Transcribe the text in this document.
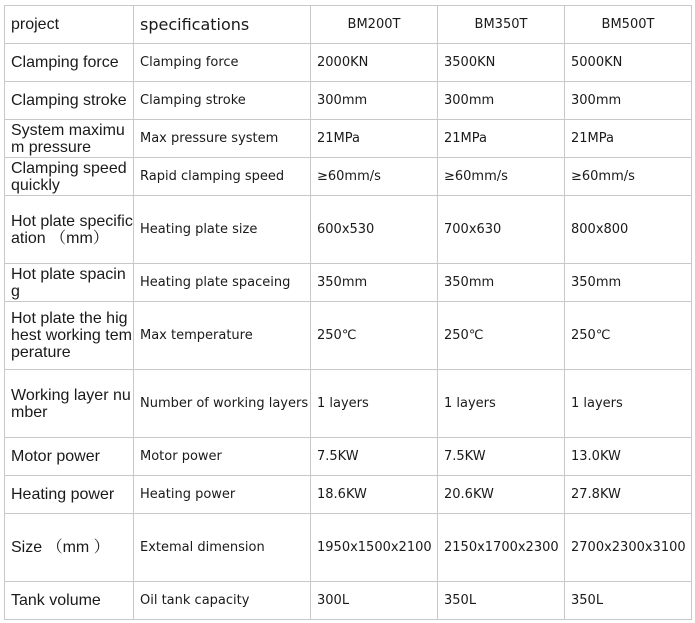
project	specifications	BM200T	BM350T	BM500T
Clamping force	Clamping force	2000KN	3500KN	5000KN
Clamping stroke	Clamping stroke	300mm	300mm	300mm
System maximum pressure	Max pressure system	21MPa	21MPa	21MPa
Clamping speed quickly	Rapid clamping speed	≥60mm/s	≥60mm/s	≥60mm/s
Hot plate specification （mm）	Heating plate size	600x530	700x630	800x800
Hot plate spacing	Heating plate spaceing	350mm	350mm	350mm
Hot plate the highest working temperature	Max temperature	250℃	250℃	250℃
Working layer number	Number of working layers	1 layers	1 layers	1 layers
Motor power	Motor power	7.5KW	7.5KW	13.0KW
Heating power	Heating power	18.6KW	20.6KW	27.8KW
Size （mm ）	Extemal dimension	1950x1500x2100	2150x1700x2300	2700x2300x3100
Tank volume	Oil tank capacity	300L	350L	350L
